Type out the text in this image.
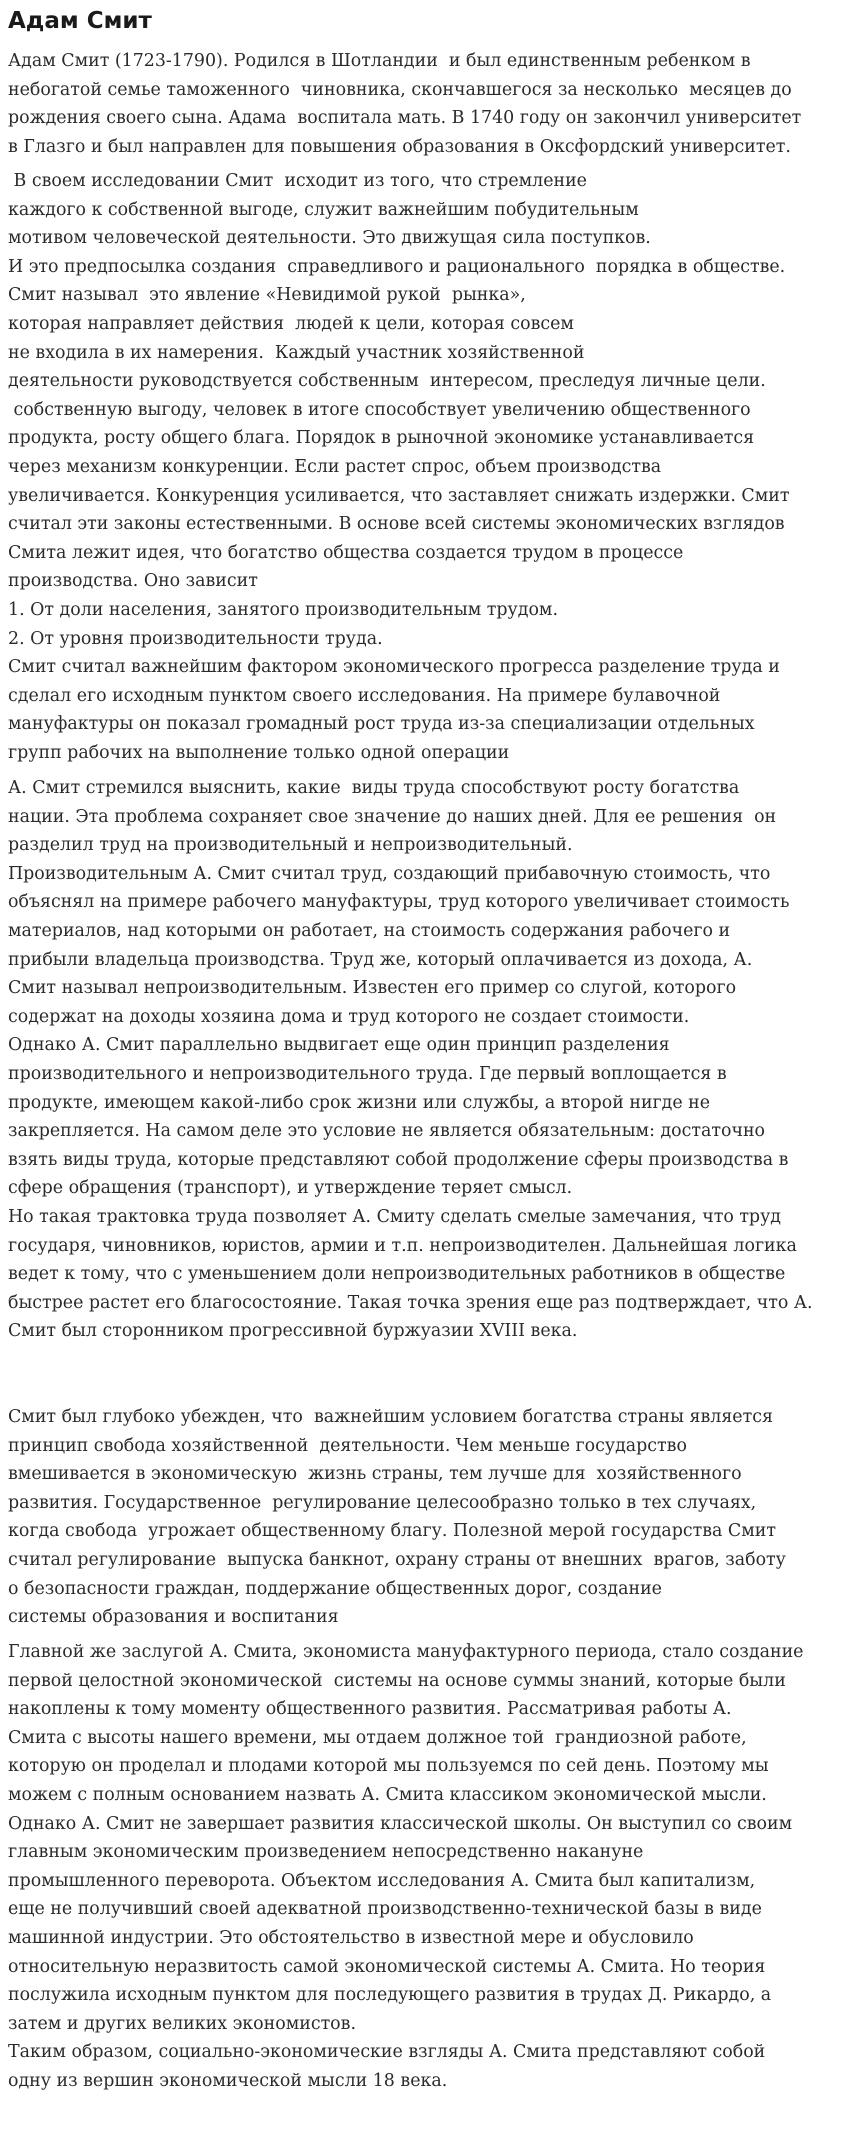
Адам Смит
Адам Смит (1723-1790). Родился в Шотландии  и был единственным ребенком в
небогатой семье таможенного  чиновника, скончавшегося за несколько  месяцев до
рождения своего сына. Адама  воспитала мать. В 1740 году он закончил университет
в Глазго и был направлен для повышения образования в Оксфордский университет.
В своем исследовании Смит  исходит из того, что стремление
каждого к собственной выгоде, служит важнейшим побудительным
мотивом человеческой деятельности. Это движущая сила поступков.
И это предпосылка создания  справедливого и рационального  порядка в обществе.
Смит называл  это явление «Невидимой рукой  рынка»,
которая направляет действия  людей к цели, которая совсем
не входила в их намерения.  Каждый участник хозяйственной
деятельности руководствуется собственным  интересом, преследуя личные цели.
собственную выгоду, человек в итоге способствует увеличению общественного
продукта, росту общего блага. Порядок в рыночной экономике устанавливается
через механизм конкуренции. Если растет спрос, объем производства
увеличивается. Конкуренция усиливается, что заставляет снижать издержки. Смит
считал эти законы естественными. В основе всей системы экономических взглядов
Смита лежит идея, что богатство общества создается трудом в процессе
производства. Оно зависит
1. От доли населения, занятого производительным трудом.
2. От уровня производительности труда.
Смит считал важнейшим фактором экономического прогресса разделение труда и
сделал его исходным пунктом своего исследования. На примере булавочной
мануфактуры он показал громадный рост труда из-за специализации отдельных
групп рабочих на выполнение только одной операции
А. Смит стремился выяснить, какие  виды труда способствуют росту богатства
нации. Эта проблема сохраняет свое значение до наших дней. Для ее решения  он
разделил труд на производительный и непроизводительный.
Производительным А. Смит считал труд, создающий прибавочную стоимость, что
объяснял на примере рабочего мануфактуры, труд которого увеличивает стоимость
материалов, над которыми он работает, на стоимость содержания рабочего и
прибыли владельца производства. Труд же, который оплачивается из дохода, А.
Смит называл непроизводительным. Известен его пример со слугой, которого
содержат на доходы хозяина дома и труд которого не создает стоимости.
Однако А. Смит параллельно выдвигает еще один принцип разделения
производительного и непроизводительного труда. Где первый воплощается в
продукте, имеющем какой-либо срок жизни или службы, а второй нигде не
закрепляется. На самом деле это условие не является обязательным: достаточно
взять виды труда, которые представляют собой продолжение сферы производства в
сфере обращения (транспорт), и утверждение теряет смысл.
Но такая трактовка труда позволяет А. Смиту сделать смелые замечания, что труд
государя, чиновников, юристов, армии и т.п. непроизводителен. Дальнейшая логика
ведет к тому, что с уменьшением доли непроизводительных работников в обществе
быстрее растет его благосостояние. Такая точка зрения еще раз подтверждает, что А.
Смит был сторонником прогрессивной буржуазии XVIII века.
Смит был глубоко убежден, что  важнейшим условием богатства страны является
принцип свобода хозяйственной  деятельности. Чем меньше государство
вмешивается в экономическую  жизнь страны, тем лучше для  хозяйственного
развития. Государственное  регулирование целесообразно только в тех случаях,
когда свобода  угрожает общественному благу. Полезной мерой государства Смит
считал регулирование  выпуска банкнот, охрану страны от внешних  врагов, заботу
о безопасности граждан, поддержание общественных дорог, создание
системы образования и воспитания
Главной же заслугой А. Смита, экономиста мануфактурного периода, стало создание
первой целостной экономической  системы на основе суммы знаний, которые были
накоплены к тому моменту общественного развития. Рассматривая работы А.
Смита с высоты нашего времени, мы отдаем должное той  грандиозной работе,
которую он проделал и плодами которой мы пользуемся по сей день. Поэтому мы
можем с полным основанием назвать А. Смита классиком экономической мысли.
Однако А. Смит не завершает развития классической школы. Он выступил со своим
главным экономическим произведением непосредственно накануне
промышленного переворота. Объектом исследования А. Смита был капитализм,
еще не получивший своей адекватной производственно-технической базы в виде
машинной индустрии. Это обстоятельство в известной мере и обусловило
относительную неразвитость самой экономической системы А. Смита. Но теория
послужила исходным пунктом для последующего развития в трудах Д. Рикардо, а
затем и других великих экономистов.
Таким образом, социально-экономические взгляды А. Смита представляют собой
одну из вершин экономической мысли 18 века.
